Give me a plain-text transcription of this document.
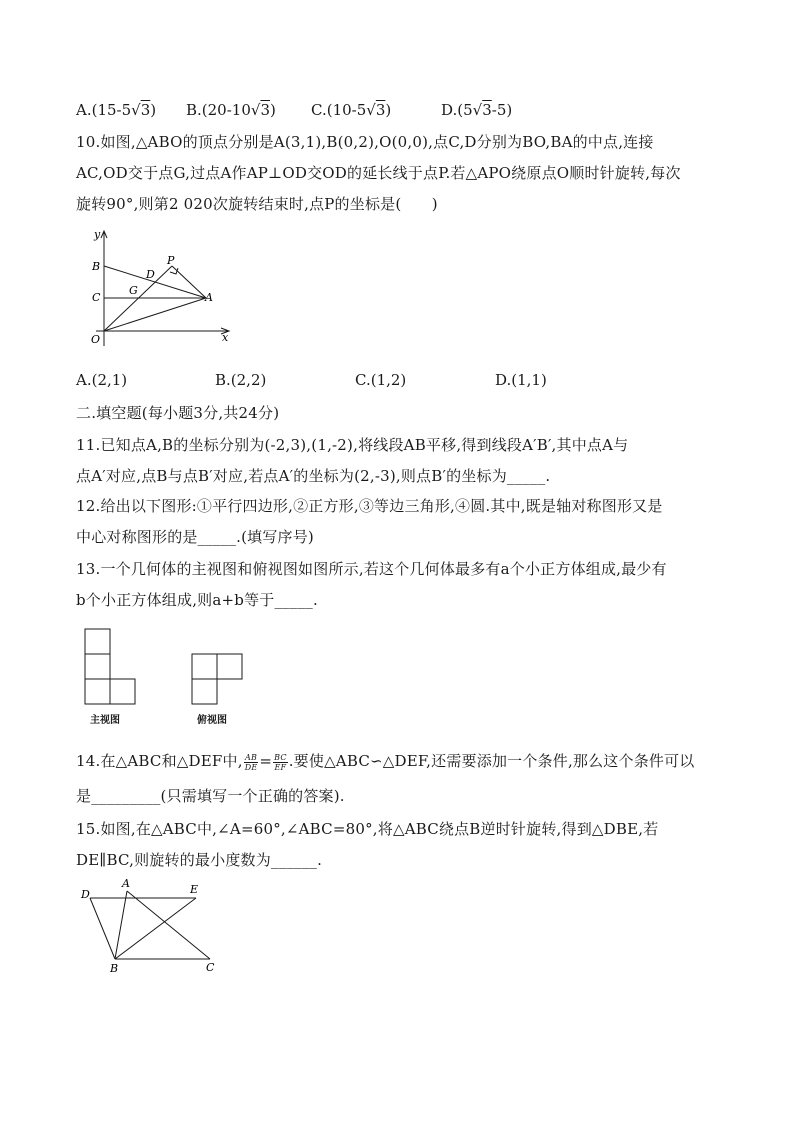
A.(15-5√3) B.(20-10√3) C.(10-5√3)	D.(5√3-5)
10.如图,△ABO的顶点分别是A(3,1),B(0,2),O(0,0),点C,D分别为BO,BA的中点,连接
AC,OD交于点G,过点A作AP⊥OD交OD的延长线于点P.若△APO绕原点O顺时针旋转,每次
旋转90°,则第2 020次旋转结束时,点P的坐标是(　　)
y
x
O
B
C
D
G
P
A
A.(2,1)	B.(2,2)	C.(1,2)	D.(1,1)
二.填空题(每小题3分,共24分)
11.已知点A,B的坐标分别为(-2,3),(1,-2),将线段AB平移,得到线段A′B′,其中点A与
点A′对应,点B与点B′对应,若点A′的坐标为(2,-3),则点B′的坐标为_____.
12.给出以下图形:①平行四边形,②正方形,③等边三角形,④圆.其中,既是轴对称图形又是
中心对称图形的是_____.(填写序号)
13.一个几何体的主视图和俯视图如图所示,若这个几何体最多有a个小正方体组成,最少有
b个小正方体组成,则a+b等于_____.
主视图	俯视图
14.在△ABC和△DEF中, $\frac{AB}{DE} = \frac{BC}{EF}$ .要使△ABC∽△DEF,还需要添加一个条件,那么这个条件可以
是_________(只需填写一个正确的答案).
15.如图,在△ABC中,∠A=60°,∠ABC=80°,将△ABC绕点B逆时针旋转,得到△DBE,若
DE∥BC,则旋转的最小度数为______.
D
A	E
B	C
